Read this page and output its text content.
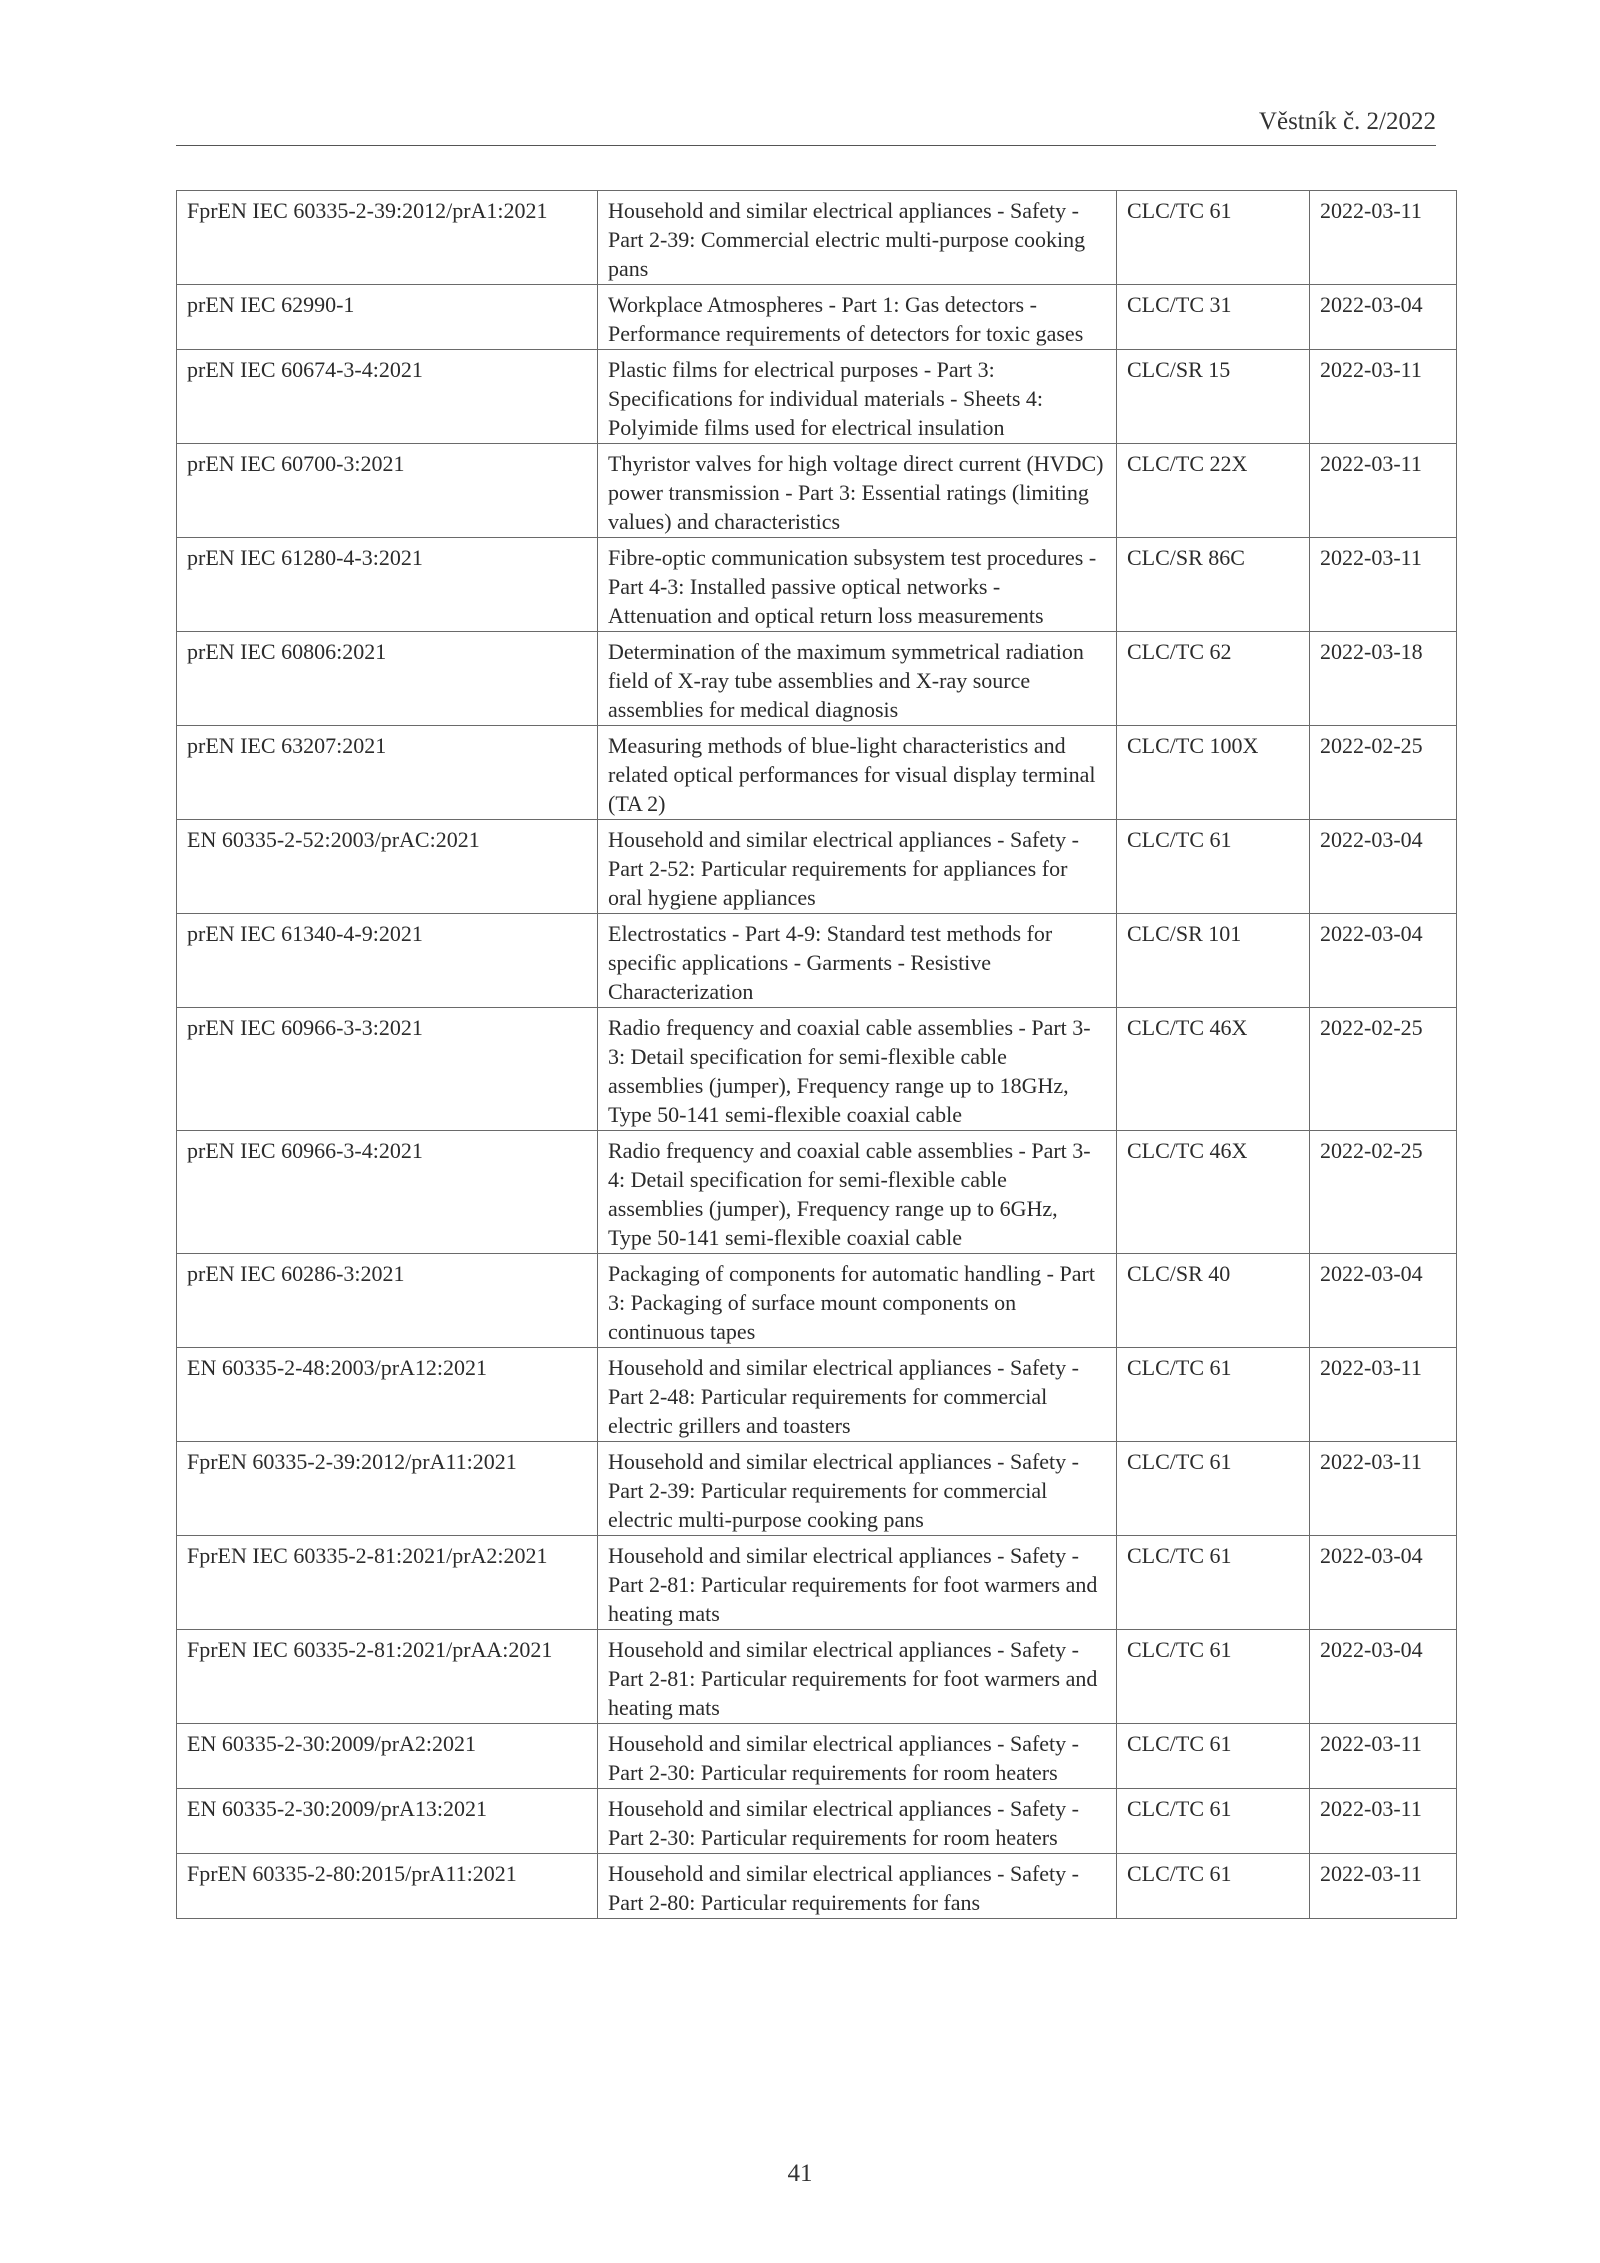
Věstník č. 2/2022
FprEN IEC 60335-2-39:2012/prA1:2021	Household and similar electrical appliances - Safety - Part 2-39: Commercial electric multi-purpose cooking pans	CLC/TC 61	2022-03-11
prEN IEC 62990-1	Workplace Atmospheres - Part 1: Gas detectors - Performance requirements of detectors for toxic gases	CLC/TC 31	2022-03-04
prEN IEC 60674-3-4:2021	Plastic films for electrical purposes - Part 3: Specifications for individual materials - Sheets 4: Polyimide films used for electrical insulation	CLC/SR 15	2022-03-11
prEN IEC 60700-3:2021	Thyristor valves for high voltage direct current (HVDC) power transmission - Part 3: Essential ratings (limiting values) and characteristics	CLC/TC 22X	2022-03-11
prEN IEC 61280-4-3:2021	Fibre-optic communication subsystem test procedures - Part 4-3: Installed passive optical networks - Attenuation and optical return loss measurements	CLC/SR 86C	2022-03-11
prEN IEC 60806:2021	Determination of the maximum symmetrical radiation field of X-ray tube assemblies and X-ray source assemblies for medical diagnosis	CLC/TC 62	2022-03-18
prEN IEC 63207:2021	Measuring methods of blue-light characteristics and related optical performances for visual display terminal (TA 2)	CLC/TC 100X	2022-02-25
EN 60335-2-52:2003/prAC:2021	Household and similar electrical appliances - Safety - Part 2-52: Particular requirements for appliances for oral hygiene appliances	CLC/TC 61	2022-03-04
prEN IEC 61340-4-9:2021	Electrostatics - Part 4-9: Standard test methods for specific applications - Garments - Resistive Characterization	CLC/SR 101	2022-03-04
prEN IEC 60966-3-3:2021	Radio frequency and coaxial cable assemblies - Part 3-3: Detail specification for semi-flexible cable assemblies (jumper), Frequency range up to 18GHz, Type 50-141 semi-flexible coaxial cable	CLC/TC 46X	2022-02-25
prEN IEC 60966-3-4:2021	Radio frequency and coaxial cable assemblies - Part 3-4: Detail specification for semi-flexible cable assemblies (jumper), Frequency range up to 6GHz, Type 50-141 semi-flexible coaxial cable	CLC/TC 46X	2022-02-25
prEN IEC 60286-3:2021	Packaging of components for automatic handling - Part 3: Packaging of surface mount components on continuous tapes	CLC/SR 40	2022-03-04
EN 60335-2-48:2003/prA12:2021	Household and similar electrical appliances - Safety - Part 2-48: Particular requirements for commercial electric grillers and toasters	CLC/TC 61	2022-03-11
FprEN 60335-2-39:2012/prA11:2021	Household and similar electrical appliances - Safety - Part 2-39: Particular requirements for commercial electric multi-purpose cooking pans	CLC/TC 61	2022-03-11
FprEN IEC 60335-2-81:2021/prA2:2021	Household and similar electrical appliances - Safety - Part 2-81: Particular requirements for foot warmers and heating mats	CLC/TC 61	2022-03-04
FprEN IEC 60335-2-81:2021/prAA:2021	Household and similar electrical appliances - Safety - Part 2-81: Particular requirements for foot warmers and heating mats	CLC/TC 61	2022-03-04
EN 60335-2-30:2009/prA2:2021	Household and similar electrical appliances - Safety - Part 2-30: Particular requirements for room heaters	CLC/TC 61	2022-03-11
EN 60335-2-30:2009/prA13:2021	Household and similar electrical appliances - Safety - Part 2-30: Particular requirements for room heaters	CLC/TC 61	2022-03-11
FprEN 60335-2-80:2015/prA11:2021	Household and similar electrical appliances - Safety - Part 2-80: Particular requirements for fans	CLC/TC 61	2022-03-11
41
